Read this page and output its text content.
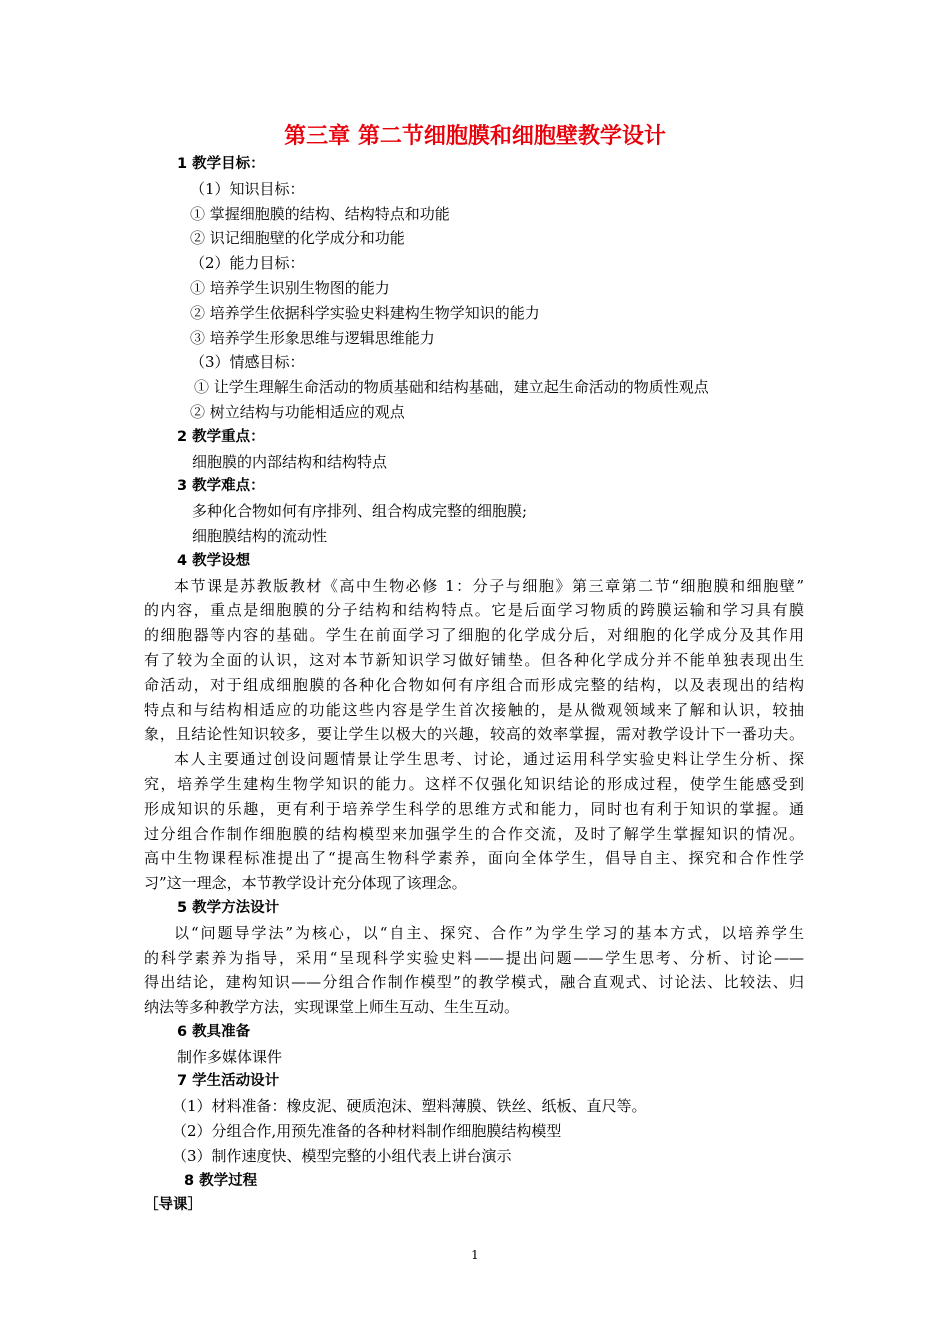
第三章 第二节细胞膜和细胞壁教学设计
1 教学目标：
（1）知识目标：
① 掌握细胞膜的结构、结构特点和功能
② 识记细胞壁的化学成分和功能
（2）能力目标：
① 培养学生识别生物图的能力
② 培养学生依据科学实验史料建构生物学知识的能力
③ 培养学生形象思维与逻辑思维能力
（3）情感目标：
① 让学生理解生命活动的物质基础和结构基础，建立起生命活动的物质性观点
② 树立结构与功能相适应的观点
2 教学重点：
细胞膜的内部结构和结构特点
3 教学难点：
多种化合物如何有序排列、组合构成完整的细胞膜;
细胞膜结构的流动性
4 教学设想
本节课是苏教版教材《高中生物必修 1：分子与细胞》第三章第二节“细胞膜和细胞壁”
的内容，重点是细胞膜的分子结构和结构特点。它是后面学习物质的跨膜运输和学习具有膜
的细胞器等内容的基础。学生在前面学习了细胞的化学成分后，对细胞的化学成分及其作用
有了较为全面的认识，这对本节新知识学习做好铺垫。但各种化学成分并不能单独表现出生
命活动，对于组成细胞膜的各种化合物如何有序组合而形成完整的结构，以及表现出的结构
特点和与结构相适应的功能这些内容是学生首次接触的，是从微观领域来了解和认识，较抽
象，且结论性知识较多，要让学生以极大的兴趣，较高的效率掌握，需对教学设计下一番功夫。
本人主要通过创设问题情景让学生思考、讨论，通过运用科学实验史料让学生分析、探
究，培养学生建构生物学知识的能力。这样不仅强化知识结论的形成过程，使学生能感受到
形成知识的乐趣，更有利于培养学生科学的思维方式和能力，同时也有利于知识的掌握。通
过分组合作制作细胞膜的结构模型来加强学生的合作交流，及时了解学生掌握知识的情况。
高中生物课程标准提出了“提高生物科学素养，面向全体学生，倡导自主、探究和合作性学
习”这一理念，本节教学设计充分体现了该理念。
5 教学方法设计
以“问题导学法”为核心，以“自主、探究、合作”为学生学习的基本方式，以培养学生
的科学素养为指导，采用“呈现科学实验史料——提出问题——学生思考、分析、讨论——
得出结论，建构知识——分组合作制作模型”的教学模式，融合直观式、讨论法、比较法、归
纳法等多种教学方法，实现课堂上师生互动、生生互动。
6 教具准备
制作多媒体课件
7 学生活动设计
（1）材料准备：橡皮泥、硬质泡沫、塑料薄膜、铁丝、纸板、直尺等。
（2）分组合作,用预先准备的各种材料制作细胞膜结构模型
（3）制作速度快、模型完整的小组代表上讲台演示
8 教学过程
［导课］
1
